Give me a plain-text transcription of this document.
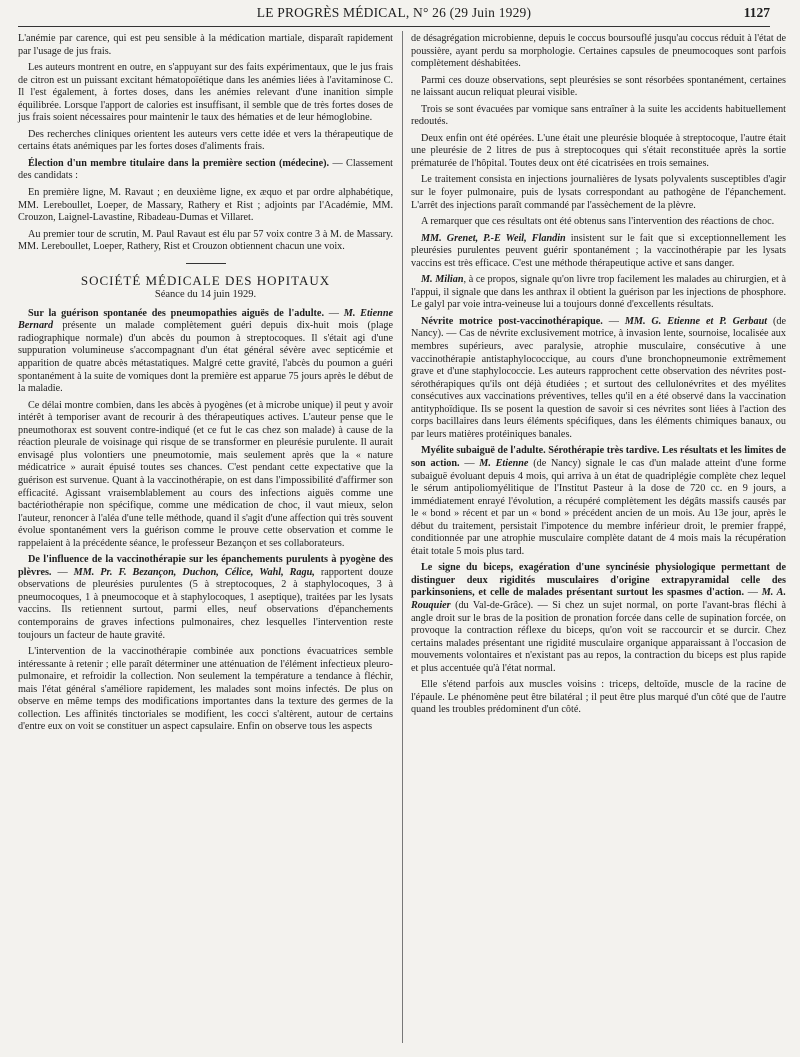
LE PROGRÈS MÉDICAL, N° 26 (29 Juin 1929)	1127

L'anémie par carence, qui est peu sensible à la médication martiale, disparaît rapidement par l'usage de jus frais.

Les auteurs montrent en outre, en s'appuyant sur des faits expérimentaux, que le jus frais de citron est un puissant excitant hématopoïétique dans les anémies liées à l'avitaminose C. Il l'est également, à fortes doses, dans les anémies relevant d'une inanition simple équilibrée. Lorsque l'apport de calories est insuffisant, il semble que de très fortes doses de jus frais soient nécessaires pour maintenir le taux des hématies et de leur hémoglobine.

Des recherches cliniques orientent les auteurs vers cette idée et vers la thérapeutique de certains états anémiques par les fortes doses d'aliments frais.

Élection d'un membre titulaire dans la première section (médecine). — Classement des candidats :

En première ligne, M. Ravaut ; en deuxième ligne, ex æquo et par ordre alphabétique, MM. Lereboullet, Loeper, de Massary, Rathery et Rist ; adjoints par l'Académie, MM. Crouzon, Laignel-Lavastine, Ribadeau-Dumas et Villaret.

Au premier tour de scrutin, M. Paul Ravaut est élu par 57 voix contre 3 à M. de Massary. MM. Lereboullet, Loeper, Rathery, Rist et Crouzon obtiennent chacun une voix.

SOCIÉTÉ MÉDICALE DES HOPITAUX
Séance du 14 juin 1929.

Sur la guérison spontanée des pneumopathies aiguës de l'adulte. — M. Etienne Bernard présente un malade complètement guéri depuis dix-huit mois (plage radiographique normale) d'un abcès du poumon à streptocoques. Il s'était agi d'une suppuration volumineuse s'accompagnant d'un état général sévère avec septicémie et apparition de quatre abcès métastatiques. Malgré cette gravité, l'abcès du poumon a guéri spontanément à la suite de vomiques dont la première est apparue 75 jours après le début de la maladie.

Ce délai montre combien, dans les abcès à pyogènes (et à microbe unique) il peut y avoir intérêt à temporiser avant de recourir à des thérapeutiques actives. L'auteur pense que le pneumothorax est souvent contre-indiqué (et ce fut le cas chez son malade) à cause de la réaction pleurale de voisinage qui risque de se transformer en pleurésie purulente. Il aurait envisagé plus volontiers une pneumotomie, mais seulement après que la « nature médicatrice » aurait épuisé toutes ses chances. C'est pendant cette expectative que la guérison est survenue. Quant à la vaccinothérapie, on est dans l'impossibilité d'affirmer son efficacité. Agissant vraisemblablement au cours des infections aiguës comme une bactériothérapie non spécifique, comme une médication de choc, il vaut mieux, selon l'auteur, renoncer à l'aléa d'une telle méthode, quand il s'agit d'une affection qui très souvent évolue spontanément vers la guérison comme le prouve cette observation et comme le rappelaient à la précédente séance, le professeur Bezançon et ses collaborateurs.

De l'influence de la vaccinothérapie sur les épanchements purulents à pyogène des plèvres. — MM. Pr. F. Bezançon, Duchon, Célice, Wahl, Ragu, rapportent douze observations de pleurésies purulentes (5 à streptocoques, 2 à staphylocoques, 3 à pneumocoques, 1 à pneumocoque et à staphylocoques, 1 aseptique), traitées par les lysats vaccins. Ils retiennent surtout, parmi elles, neuf observations d'épanchements contemporains de graves infections pulmonaires, chez lesquelles l'intervention reste toujours un facteur de haute gravité.

L'intervention de la vaccinothérapie combinée aux ponctions évacuatrices semble intéressante à retenir ; elle paraît déterminer une atténuation de l'élément infectieux pleuro-pulmonaire, et refroidir la collection. Non seulement la température a tendance à fléchir, mais l'état général s'améliore rapidement, les malades sont moins infectés. De plus on observe en même temps des modifications importantes dans la texture des germes de la collection. Les affinités tinctoriales se modifient, les cocci s'altèrent, autour de certains d'entre eux on voit se constituer un aspect capsulaire. Enfin on observe tous les aspects

de désagrégation microbienne, depuis le coccus boursouflé jusqu'au coccus réduit à l'état de poussière, ayant perdu sa morphologie. Certaines capsules de pneumocoques sont parfois complètement déshabitées.

Parmi ces douze observations, sept pleurésies se sont résorbées spontanément, certaines ne laissant aucun reliquat pleurai visible.

Trois se sont évacuées par vomique sans entraîner à la suite les accidents habituellement redoutés.

Deux enfin ont été opérées. L'une était une pleurésie bloquée à streptocoque, l'autre était une pleurésie de 2 litres de pus à streptocoques qui s'était reconstituée après la sortie prématurée de l'hôpital. Toutes deux ont été cicatrisées en trois semaines.

Le traitement consista en injections journalières de lysats polyvalents susceptibles d'agir sur le foyer pulmonaire, puis de lysats correspondant au pathogène de l'épanchement. L'arrêt des injections paraît commandé par l'assèchement de la plèvre.

A remarquer que ces résultats ont été obtenus sans l'intervention des réactions de choc.

MM. Grenet, P.-E Weil, Flandin insistent sur le fait que si exceptionnellement les pleurésies purulentes peuvent guérir spontanément ; la vaccinothérapie par les lysats vaccins est très efficace. C'est une méthode thérapeutique active et sans danger.

M. Milian, à ce propos, signale qu'on livre trop facilement les malades au chirurgien, et à l'appui, il signale que dans les anthrax il obtient la guérison par les injections de phosphore. Le galyl par voie intra-veineuse lui a toujours donné d'excellents résultats.

Névrite motrice post-vaccinothérapique. — MM. G. Etienne et P. Gerbaut (de Nancy). — Cas de névrite exclusivement motrice, à invasion lente, sournoise, localisée aux membres supérieurs, avec paralysie, atrophie musculaire, consécutive à une vaccinothérapie antistaphylococcique, au cours d'une bronchopneumonie extrêmement grave et d'une staphylococcie. Les auteurs rapprochent cette observation des névrites post-sérothérapiques qu'ils ont déjà étudiées ; et surtout des cellulonévrites et des myélites consécutives aux vaccinations préventives, telles qu'il en a été observé dans la vaccination antityphoïdique. Ils se posent la question de savoir si ces névrites sont liées à l'action des corps bacillaires dans leurs éléments spécifiques, dans les éléments chimiques banaux, ou par leurs matières protéiniques banales.

Myélite subaiguë de l'adulte. Sérothérapie très tardive. Les résultats et les limites de son action. — M. Etienne (de Nancy) signale le cas d'un malade atteint d'une forme subaiguë évoluant depuis 4 mois, qui arriva à un état de quadriplégie complète chez lequel le sérum antipoliomyélitique de l'Institut Pasteur à la dose de 720 cc. en 9 jours, a immédiatement enrayé l'évolution, a récupéré complètement les dégâts massifs causés par le « bond » récent et par un « bond » précédent ancien de un mois. Au 13e jour, après le début du traitement, persistait l'impotence du membre inférieur droit, le premier frappé, conditionnée par une atrophie musculaire complète datant de 4 mois mais la récupération était totale 5 mois plus tard.

Le signe du biceps, exagération d'une syncinésie physiologique permettant de distinguer deux rigidités musculaires d'origine extrapyramidal celle des parkinsoniens, et celle de malades présentant surtout les spasmes d'action. — M. A. Rouquier (du Val-de-Grâce). — Si chez un sujet normal, on porte l'avant-bras fléchi à angle droit sur le bras de la position de pronation forcée dans celle de supination forcée, on provoque la contraction réflexe du biceps, qu'on voit se raccourcir et se durcir. Chez certains malades présentant une rigidité musculaire organique apparaissant à l'occasion de mouvements volontaires et n'existant pas au repos, la contraction du biceps est plus rapide et plus accentuée qu'à l'état normal.

Elle s'étend parfois aux muscles voisins : triceps, deltoïde, muscle de la racine de l'épaule. Le phénomène peut être bilatéral ; il peut être plus marqué d'un côté que de l'autre quand les troubles prédominent d'un côté.
